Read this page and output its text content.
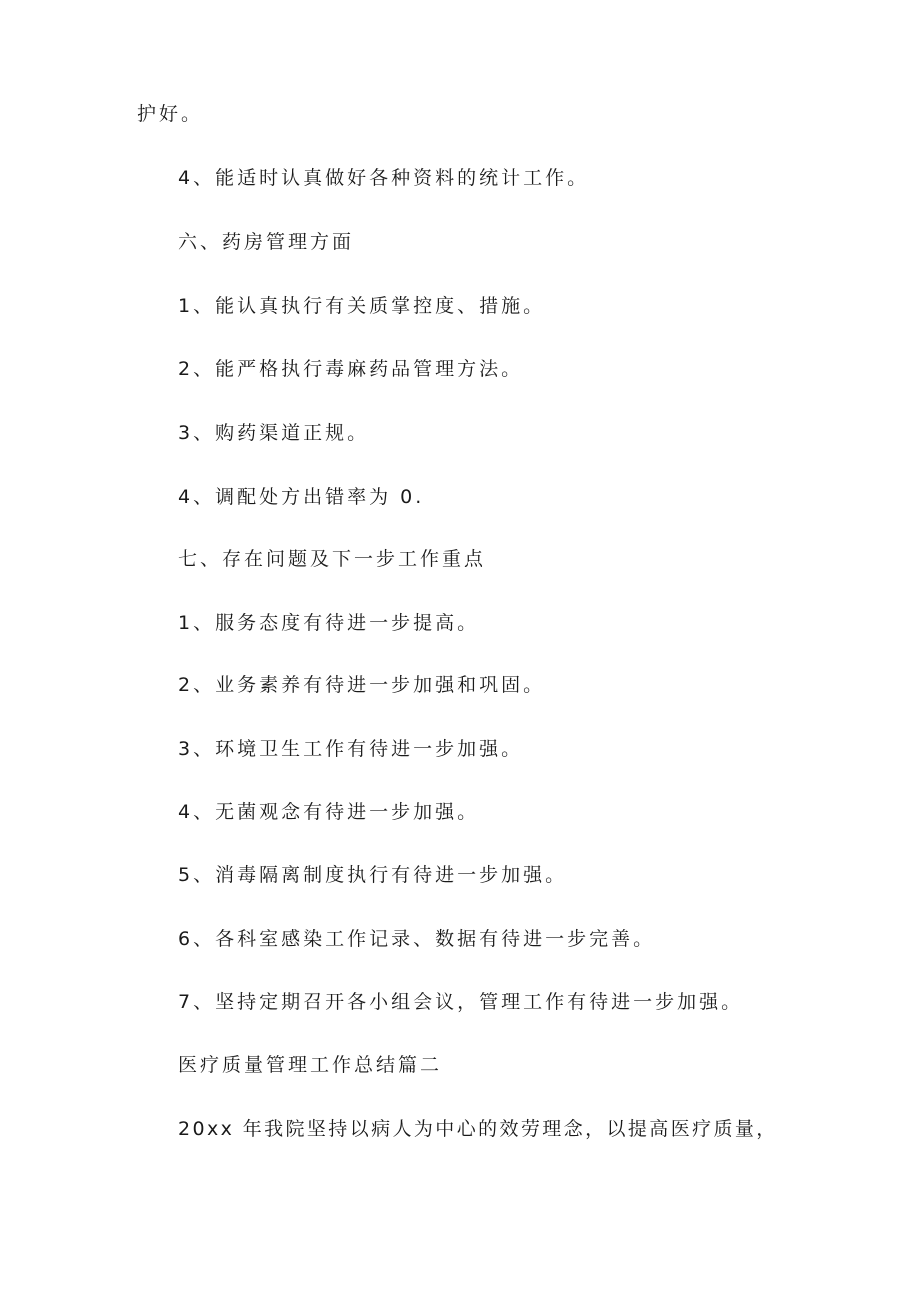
护好。
4、能适时认真做好各种资料的统计工作。
六、药房管理方面
1、能认真执行有关质掌控度、措施。
2、能严格执行毒麻药品管理方法。
3、购药渠道正规。
4、调配处方出错率为 0.
七、存在问题及下一步工作重点
1、服务态度有待进一步提高。
2、业务素养有待进一步加强和巩固。
3、环境卫生工作有待进一步加强。
4、无菌观念有待进一步加强。
5、消毒隔离制度执行有待进一步加强。
6、各科室感染工作记录、数据有待进一步完善。
7、坚持定期召开各小组会议，管理工作有待进一步加强。
医疗质量管理工作总结篇二
20xx 年我院坚持以病人为中心的效劳理念，以提高医疗质量，
